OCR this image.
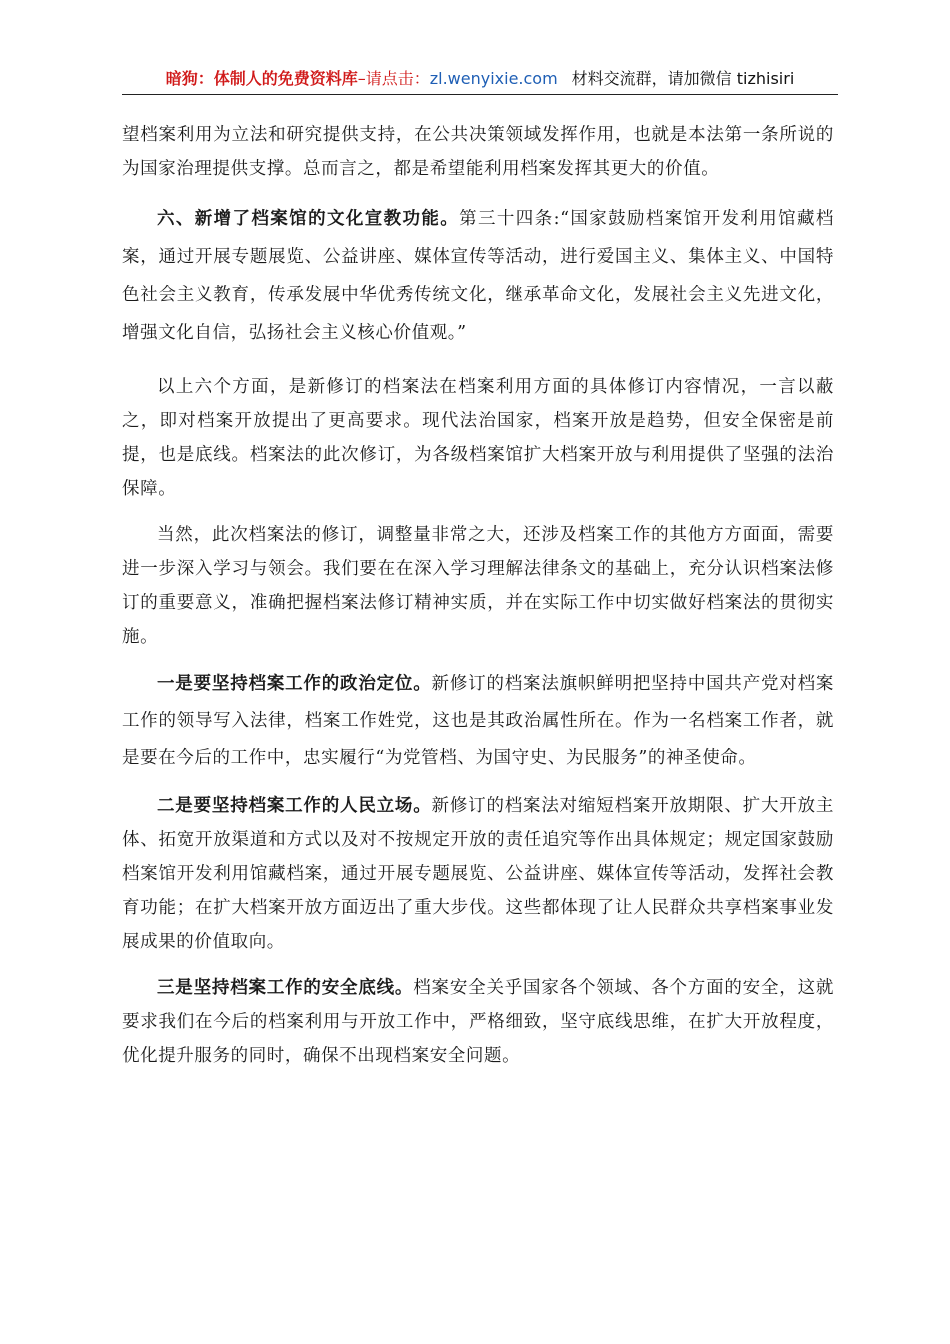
暗狗：体制人的免费资料库–请点击：zl.wenyixie.com 材料交流群，请加微信 tizhisiri

望档案利用为立法和研究提供支持，在公共决策领域发挥作用，也就是本法第一条所说的为国家治理提供支撑。总而言之，都是希望能利用档案发挥其更大的价值。

六、新增了档案馆的文化宣教功能。第三十四条:“国家鼓励档案馆开发利用馆藏档案，通过开展专题展览、公益讲座、媒体宣传等活动，进行爱国主义、集体主义、中国特色社会主义教育，传承发展中华优秀传统文化，继承革命文化，发展社会主义先进文化，增强文化自信，弘扬社会主义核心价值观。”

以上六个方面，是新修订的档案法在档案利用方面的具体修订内容情况，一言以蔽之，即对档案开放提出了更高要求。现代法治国家，档案开放是趋势，但安全保密是前提，也是底线。档案法的此次修订，为各级档案馆扩大档案开放与利用提供了坚强的法治保障。

当然，此次档案法的修订，调整量非常之大，还涉及档案工作的其他方方面面，需要进一步深入学习与领会。我们要在在深入学习理解法律条文的基础上，充分认识档案法修订的重要意义，准确把握档案法修订精神实质，并在实际工作中切实做好档案法的贯彻实施。

一是要坚持档案工作的政治定位。新修订的档案法旗帜鲜明把坚持中国共产党对档案工作的领导写入法律，档案工作姓党，这也是其政治属性所在。作为一名档案工作者，就是要在今后的工作中，忠实履行“为党管档、为国守史、为民服务”的神圣使命。

二是要坚持档案工作的人民立场。新修订的档案法对缩短档案开放期限、扩大开放主体、拓宽开放渠道和方式以及对不按规定开放的责任追究等作出具体规定；规定国家鼓励档案馆开发利用馆藏档案，通过开展专题展览、公益讲座、媒体宣传等活动，发挥社会教育功能；在扩大档案开放方面迈出了重大步伐。这些都体现了让人民群众共享档案事业发展成果的价值取向。

三是坚持档案工作的安全底线。档案安全关乎国家各个领域、各个方面的安全，这就要求我们在今后的档案利用与开放工作中，严格细致，坚守底线思维，在扩大开放程度，优化提升服务的同时，确保不出现档案安全问题。
